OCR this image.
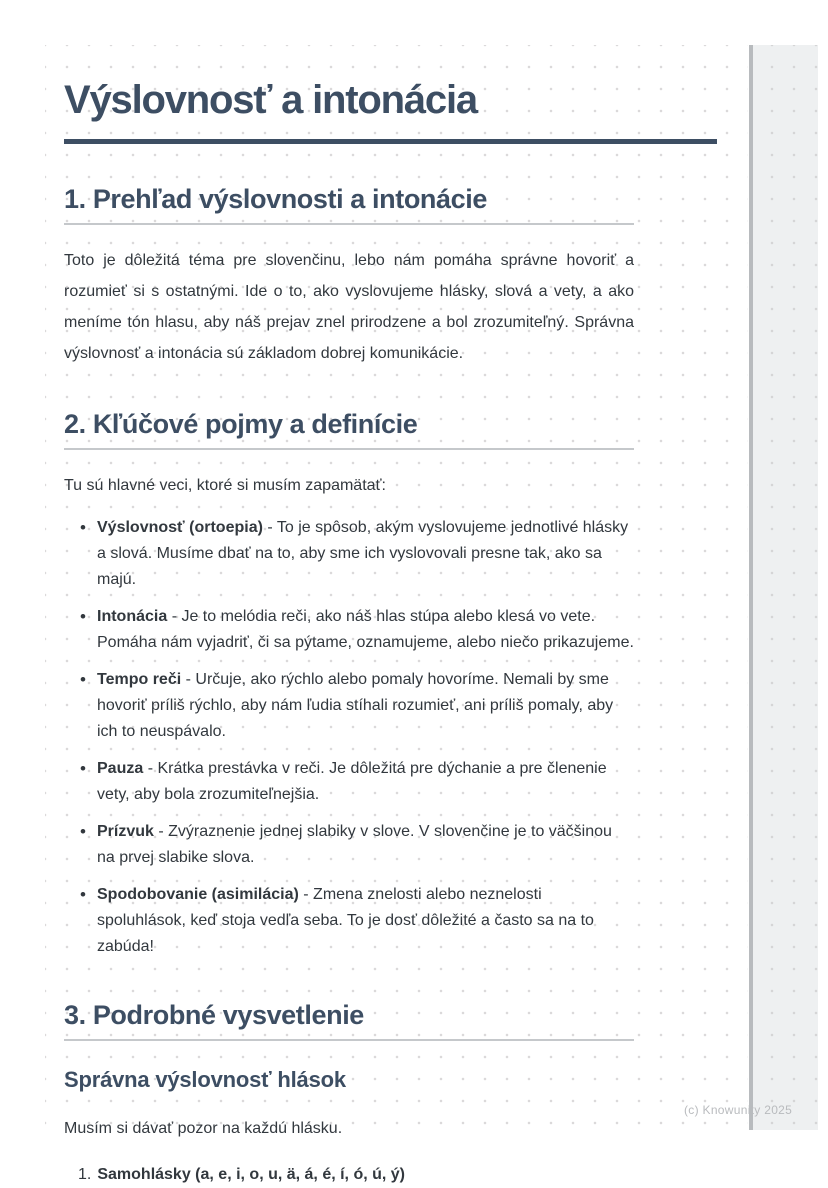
Výslovnosť a intonácia
1. Prehľad výslovnosti a intonácie

Toto je dôležitá téma pre slovenčinu, lebo nám pomáha správne hovoriť a rozumieť si s ostatnými. Ide o to, ako vyslovujeme hlásky, slová a vety, a ako meníme tón hlasu, aby náš prejav znel prirodzene a bol zrozumiteľný. Správna výslovnosť a intonácia sú základom dobrej komunikácie.

2. Kľúčové pojmy a definície

Tu sú hlavné veci, ktoré si musím zapamätať:

• Výslovnosť (ortoepia) - To je spôsob, akým vyslovujeme jednotlivé hlásky a slová. Musíme dbať na to, aby sme ich vyslovovali presne tak, ako sa majú.
• Intonácia - Je to melódia reči, ako náš hlas stúpa alebo klesá vo vete. Pomáha nám vyjadriť, či sa pýtame, oznamujeme, alebo niečo prikazujeme.
• Tempo reči - Určuje, ako rýchlo alebo pomaly hovoríme. Nemali by sme hovoriť príliš rýchlo, aby nám ľudia stíhali rozumieť, ani príliš pomaly, aby ich to neuspávalo.
• Pauza - Krátka prestávka v reči. Je dôležitá pre dýchanie a pre členenie vety, aby bola zrozumiteľnejšia.
• Prízvuk - Zvýraznenie jednej slabiky v slove. V slovenčine je to väčšinou na prvej slabike slova.
• Spodobovanie (asimilácia) - Zmena znelosti alebo neznelosti spoluhlások, keď stoja vedľa seba. To je dosť dôležité a často sa na to zabúda!
3. Podrobné vysvetlenie
Správna výslovnosť hlások

Musím si dávať pozor na každú hlásku.

1. Samohlásky (a, e, i, o, u, ä, á, é, í, ó, ú, ý)
(c) Knowunity 2025
